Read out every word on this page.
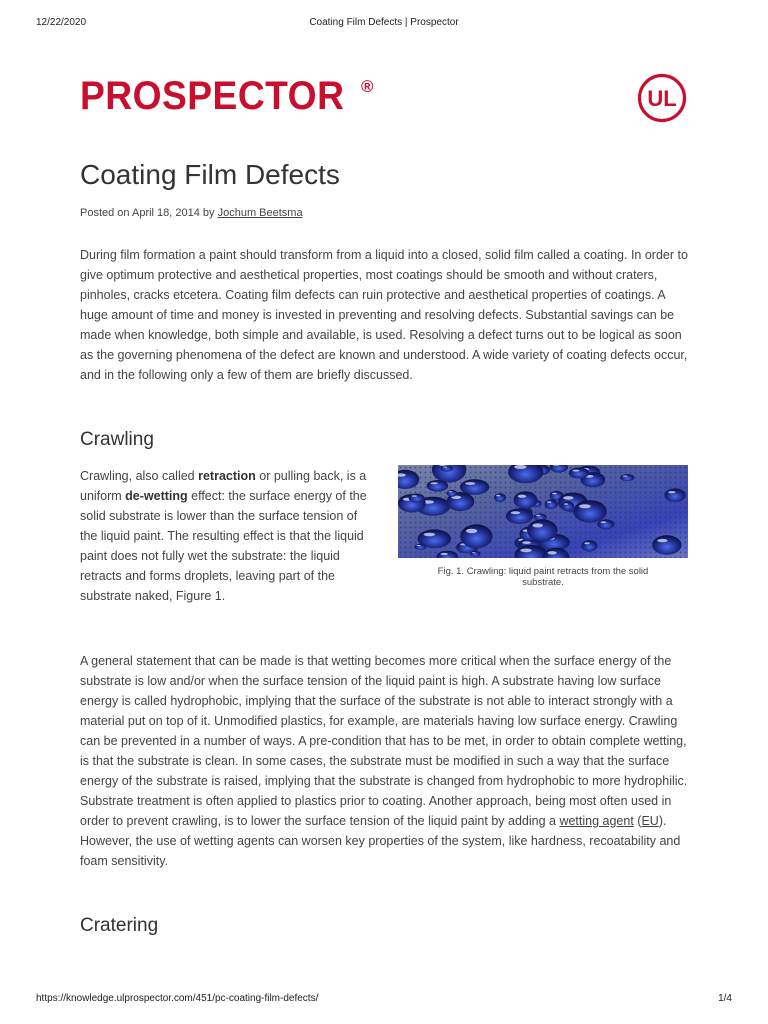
12/22/2020	Coating Film Defects | Prospector
PROSPECTOR ®	UL
Coating Film Defects
Posted on April 18, 2014 by Jochum Beetsma

During film formation a paint should transform from a liquid into a closed, solid film called a coating. In order to give optimum protective and aesthetical properties, most coatings should be smooth and without craters, pinholes, cracks etcetera. Coating film defects can ruin protective and aesthetical properties of coatings. A huge amount of time and money is invested in preventing and resolving defects. Substantial savings can be made when knowledge, both simple and available, is used. Resolving a defect turns out to be logical as soon as the governing phenomena of the defect are known and understood. A wide variety of coating defects occur, and in the following only a few of them are briefly discussed.

Crawling

Crawling, also called retraction or pulling back, is a uniform de-wetting effect: the surface energy of the solid substrate is lower than the surface tension of the liquid paint. The resulting effect is that the liquid paint does not fully wet the substrate: the liquid retracts and forms droplets, leaving part of the substrate naked, Figure 1.

Fig. 1. Crawling: liquid paint retracts from the solid substrate.

A general statement that can be made is that wetting becomes more critical when the surface energy of the substrate is low and/or when the surface tension of the liquid paint is high. A substrate having low surface energy is called hydrophobic, implying that the surface of the substrate is not able to interact strongly with a material put on top of it. Unmodified plastics, for example, are materials having low surface energy. Crawling can be prevented in a number of ways. A pre-condition that has to be met, in order to obtain complete wetting, is that the substrate is clean. In some cases, the substrate must be modified in such a way that the surface energy of the substrate is raised, implying that the substrate is changed from hydrophobic to more hydrophilic. Substrate treatment is often applied to plastics prior to coating. Another approach, being most often used in order to prevent crawling, is to lower the surface tension of the liquid paint by adding a wetting agent (EU). However, the use of wetting agents can worsen key properties of the system, like hardness, recoatability and foam sensitivity.

Cratering
https://knowledge.ulprospector.com/451/pc-coating-film-defects/	1/4
